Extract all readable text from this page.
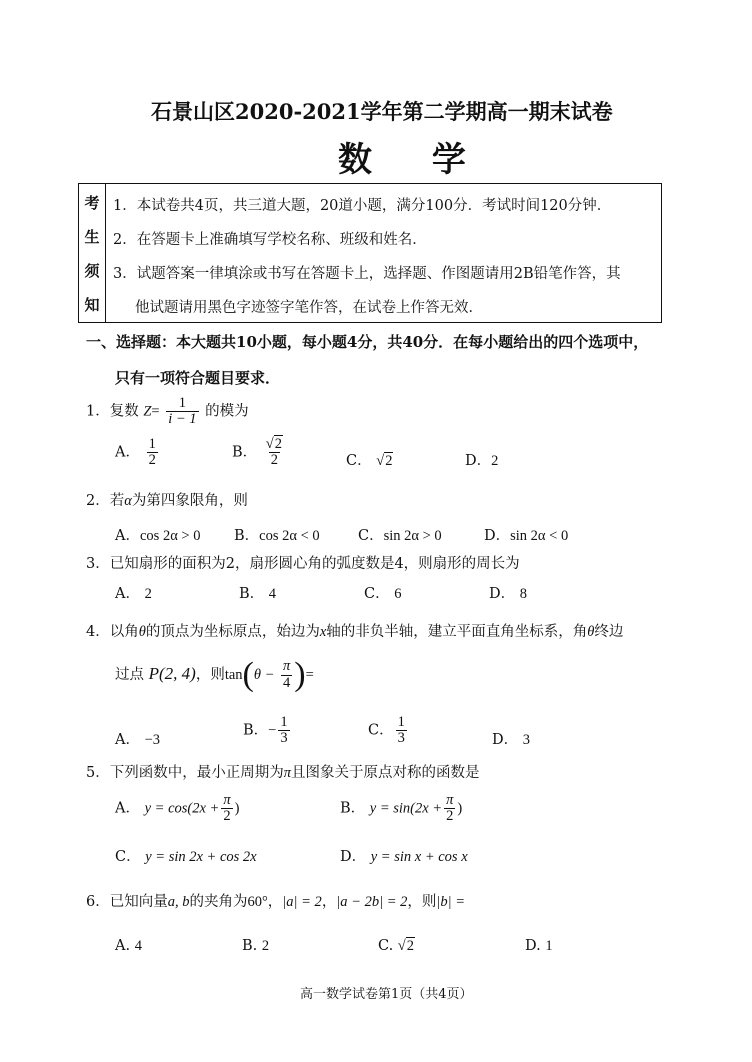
石景山区2020-2021学年第二学期高一期末试卷
数 学
考
生
须
知
1．本试卷共4页，共三道大题，20道小题，满分100分．考试时间120分钟．
2．在答题卡上准确填写学校名称、班级和姓名．
3．试题答案一律填涂或书写在答题卡上，选择题、作图题请用2B铅笔作答，其
他试题请用黑色字迹签字笔作答，在试卷上作答无效．
一、选择题：本大题共10小题，每小题4分，共40分．在每小题给出的四个选项中，
只有一项符合题目要求．
1．复数 $Z= \frac{1}{i - 1}$ 的模为
A． $\frac{1}{2}$	B． $\frac{√2}{2}$	C． √2	D．2
2．若α为第四象限角，则
A．cos 2α > 0 B．cos 2α < 0	C．sin 2α > 0	D．sin 2α < 0
3．已知扇形的面积为2，扇形圆心角的弧度数是4，则扇形的周长为
A． 2	B． 4	C． 6	D． 8
4．以角θ的顶点为坐标原点，始边为x轴的非负半轴，建立平面直角坐标系，角θ终边
过点 P(2, 4)，则$\tan(\theta - \frac{\pi}{4}$ )=
A． −3
B．− $\frac{1}{3}$	C． $\frac{1}{3}$	D． 3
5．下列函数中，最小正周期为π且图象关于原点对称的函数是
A． $y = \cos(2x + \frac{\pi}{2}$ )	B． $y = \sin(2x + \frac{\pi}{2}$ )
C． y = sin 2x + cos 2x	D． y = sin x + cos x
6．已知向量a, b的夹角为60°，|a| = 2，|a − 2b| = 2，则|b| =
A. 4	B. 2	C. √2	D. 1
高一数学试卷第1页（共4页）
